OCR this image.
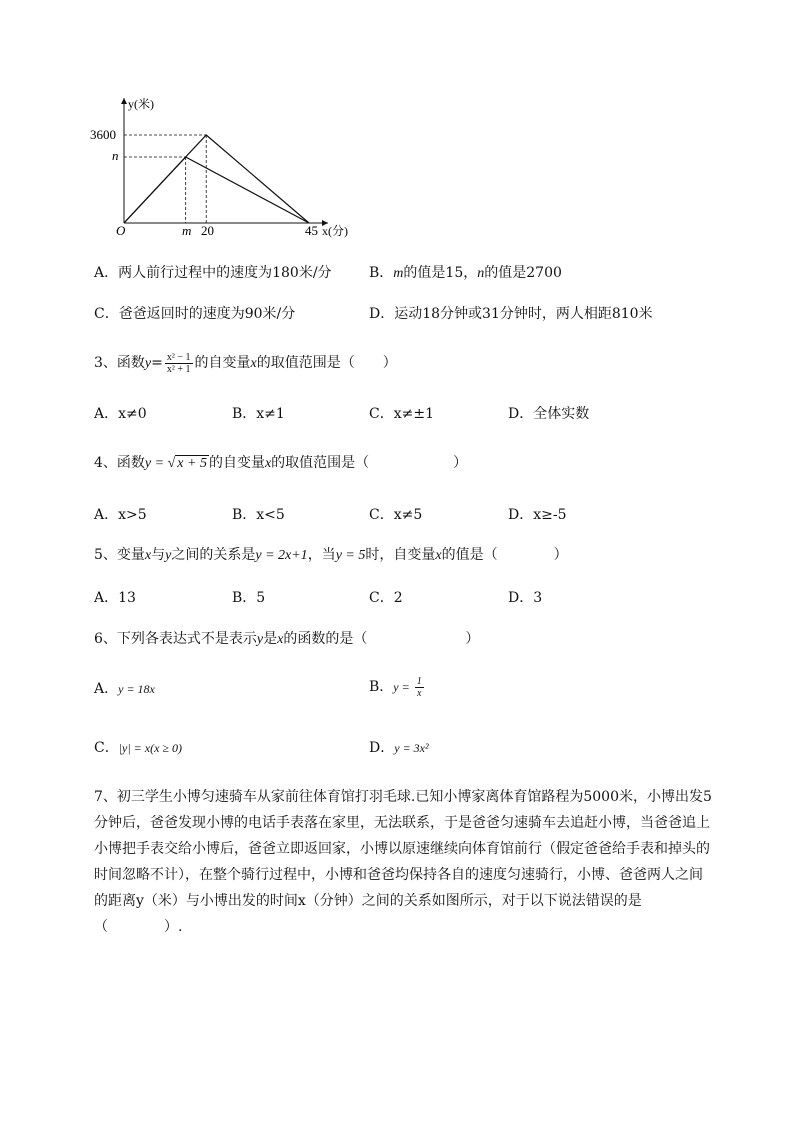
y(米)
x(分)
O
3600
n
m 20	45
A．两人前行过程中的速度为180米/分	B．m的值是15，n的值是2700
C．爸爸返回时的速度为90米/分	D．运动18分钟或31分钟时，两人相距810米
3、函数$y= \frac{\text{x² − 1}}{\text{x² + 1}}$ 的自变量x的取值范围是（　　）
A．x≠0	B．x≠1	C．x≠±1	D．全体实数
4、函数y = √ x + 5 的自变量x的取值范围是（　　　　　　）
A．x>5	B．x<5	C．x≠5	D．x≥-5
5、变量x与y之间的关系是y = 2x+1，当y = 5时，自变量x的值是（　　　　）
A．13	B．5	C．2	D．3
6、下列各表达式不是表示y是x的函数的是（　　　　　　　）
A．y = 18x	B．$y = \frac{1}{x}$
C．|y| = x(x ≥ 0)	D．y = 3x²
7、初三学生小博匀速骑车从家前往体育馆打羽毛球.已知小博家离体育馆路程为5000米，小博出发5分钟后，爸爸发现小博的电话手表落在家里，无法联系，于是爸爸匀速骑车去追赶小博，当爸爸追上小博把手表交给小博后，爸爸立即返回家，小博以原速继续向体育馆前行（假定爸爸给手表和掉头的时间忽略不计），在整个骑行过程中，小博和爸爸均保持各自的速度匀速骑行，小博、爸爸两人之间的距离y（米）与小博出发的时间x（分钟）之间的关系如图所示，对于以下说法错误的是（　　　　）.
